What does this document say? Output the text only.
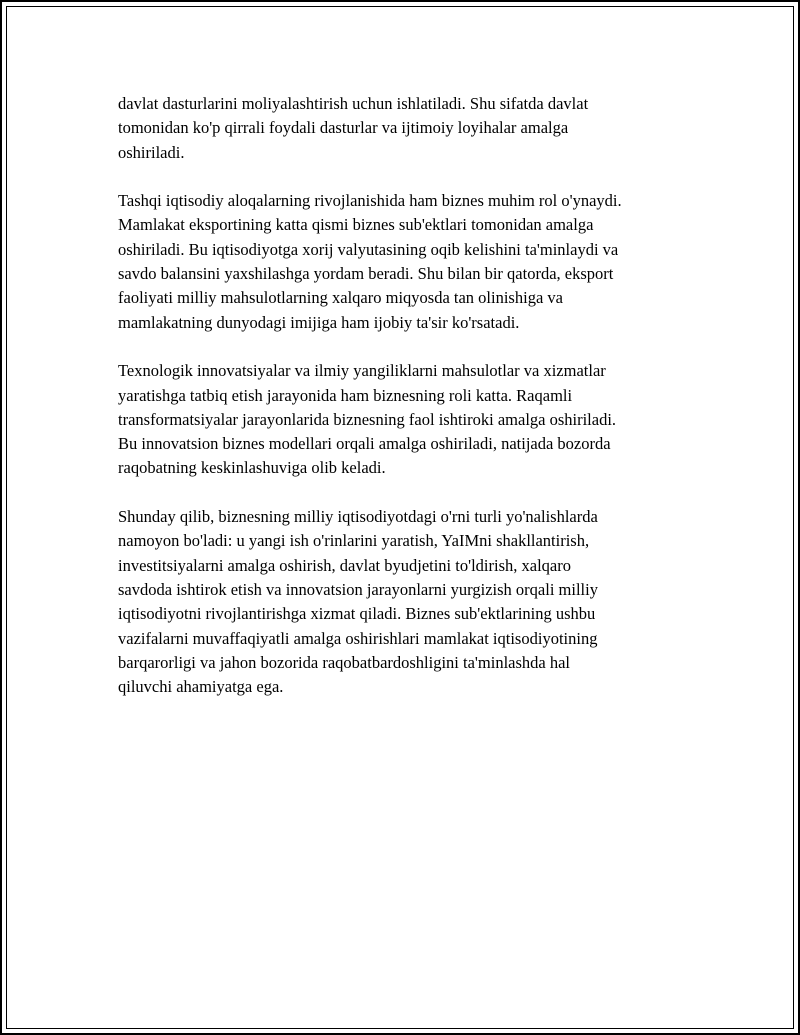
davlat dasturlarini moliyalashtirish uchun ishlatiladi. Shu sifatda davlat
tomonidan ko'p qirrali foydali dasturlar va ijtimoiy loyihalar amalga
oshiriladi.

Tashqi iqtisodiy aloqalarning rivojlanishida ham biznes muhim rol o'ynaydi.
Mamlakat eksportining katta qismi biznes sub'ektlari tomonidan amalga
oshiriladi. Bu iqtisodiyotga xorij valyutasining oqib kelishini ta'minlaydi va
savdo balansini yaxshilashga yordam beradi. Shu bilan bir qatorda, eksport
faoliyati milliy mahsulotlarning xalqaro miqyosda tan olinishiga va
mamlakatning dunyodagi imijiga ham ijobiy ta'sir ko'rsatadi.

Texnologik innovatsiyalar va ilmiy yangiliklarni mahsulotlar va xizmatlar
yaratishga tatbiq etish jarayonida ham biznesning roli katta. Raqamli
transformatsiyalar jarayonlarida biznesning faol ishtiroki amalga oshiriladi.
Bu innovatsion biznes modellari orqali amalga oshiriladi, natijada bozorda
raqobatning keskinlashuviga olib keladi.

Shunday qilib, biznesning milliy iqtisodiyotdagi o'rni turli yo'nalishlarda
namoyon bo'ladi: u yangi ish o'rinlarini yaratish, YaIMni shakllantirish,
investitsiyalarni amalga oshirish, davlat byudjetini to'ldirish, xalqaro
savdoda ishtirok etish va innovatsion jarayonlarni yurgizish orqali milliy
iqtisodiyotni rivojlantirishga xizmat qiladi. Biznes sub'ektlarining ushbu
vazifalarni muvaffaqiyatli amalga oshirishlari mamlakat iqtisodiyotining
barqarorligi va jahon bozorida raqobatbardoshligini ta'minlashda hal
qiluvchi ahamiyatga ega.
